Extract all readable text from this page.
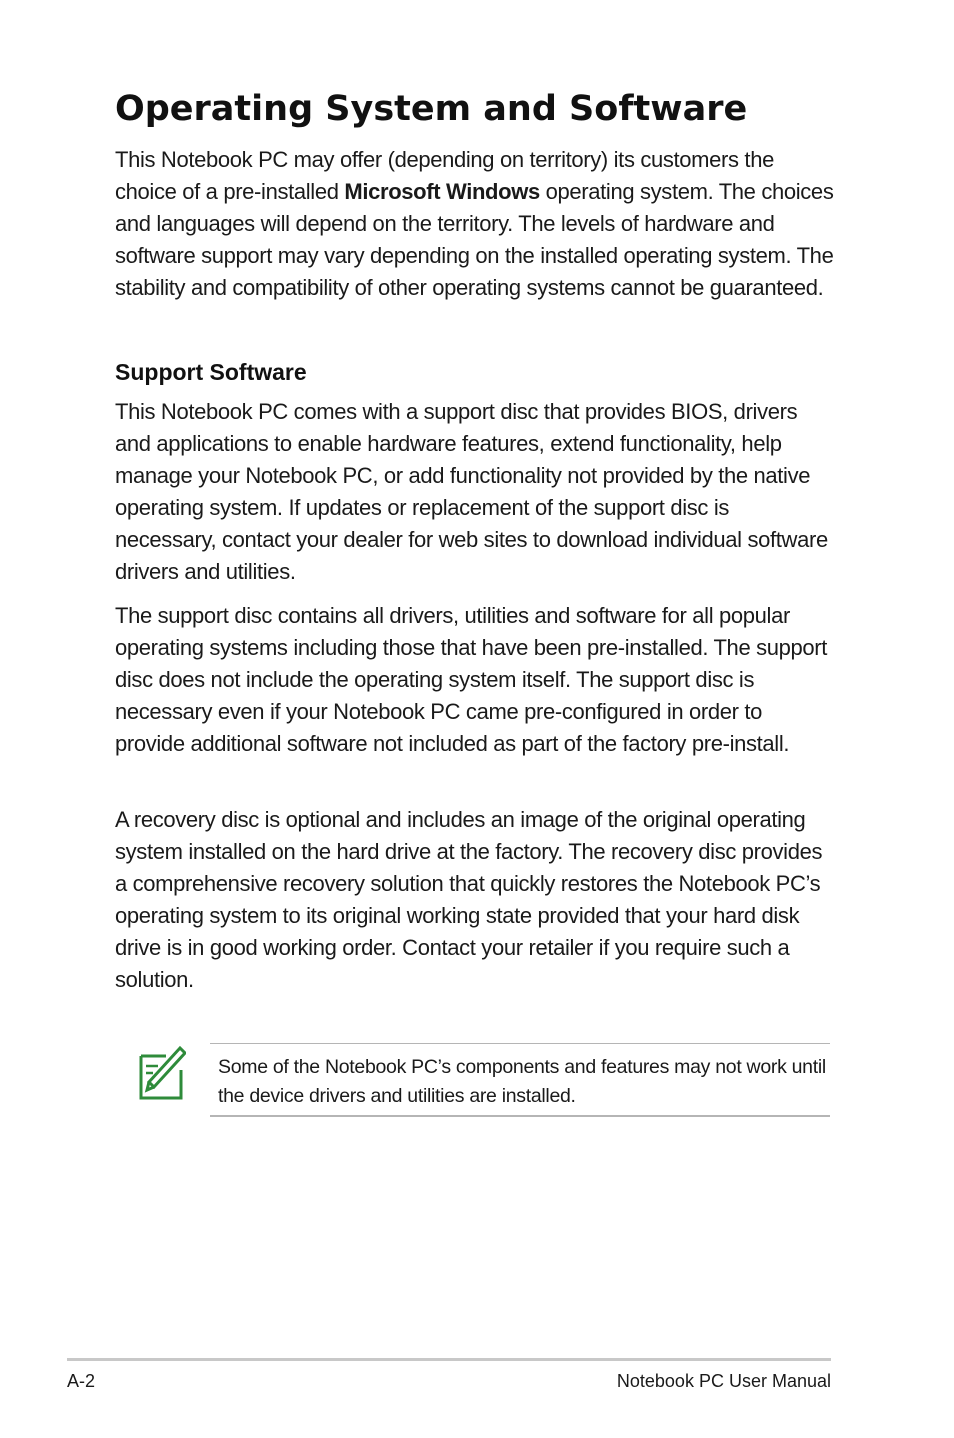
Operating System and Software

This Notebook PC may offer (depending on territory) its customers the choice of a pre-installed Microsoft Windows operating system. The choices and languages will depend on the territory. The levels of hardware and software support may vary depending on the installed operating system. The stability and compatibility of other operating systems cannot be guaranteed.

Support Software

This Notebook PC comes with a support disc that provides BIOS, drivers and applications to enable hardware features, extend functionality, help manage your Notebook PC, or add functionality not provided by the native operating system. If updates or replacement of the support disc is necessary, contact your dealer for web sites to download individual software drivers and utilities.

The support disc contains all drivers, utilities and software for all popular operating systems including those that have been pre-installed. The support disc does not include the operating system itself. The support disc is necessary even if your Notebook PC came pre-configured in order to provide additional software not included as part of the factory pre-install.

A recovery disc is optional and includes an image of the original operating system installed on the hard drive at the factory. The recovery disc provides a comprehensive recovery solution that quickly restores the Notebook PC’s operating system to its original working state provided that your hard disk drive is in good working order. Contact your retailer if you require such a solution.

Some of the Notebook PC’s components and features may not work until the device drivers and utilities are installed.

A-2	Notebook PC User Manual
